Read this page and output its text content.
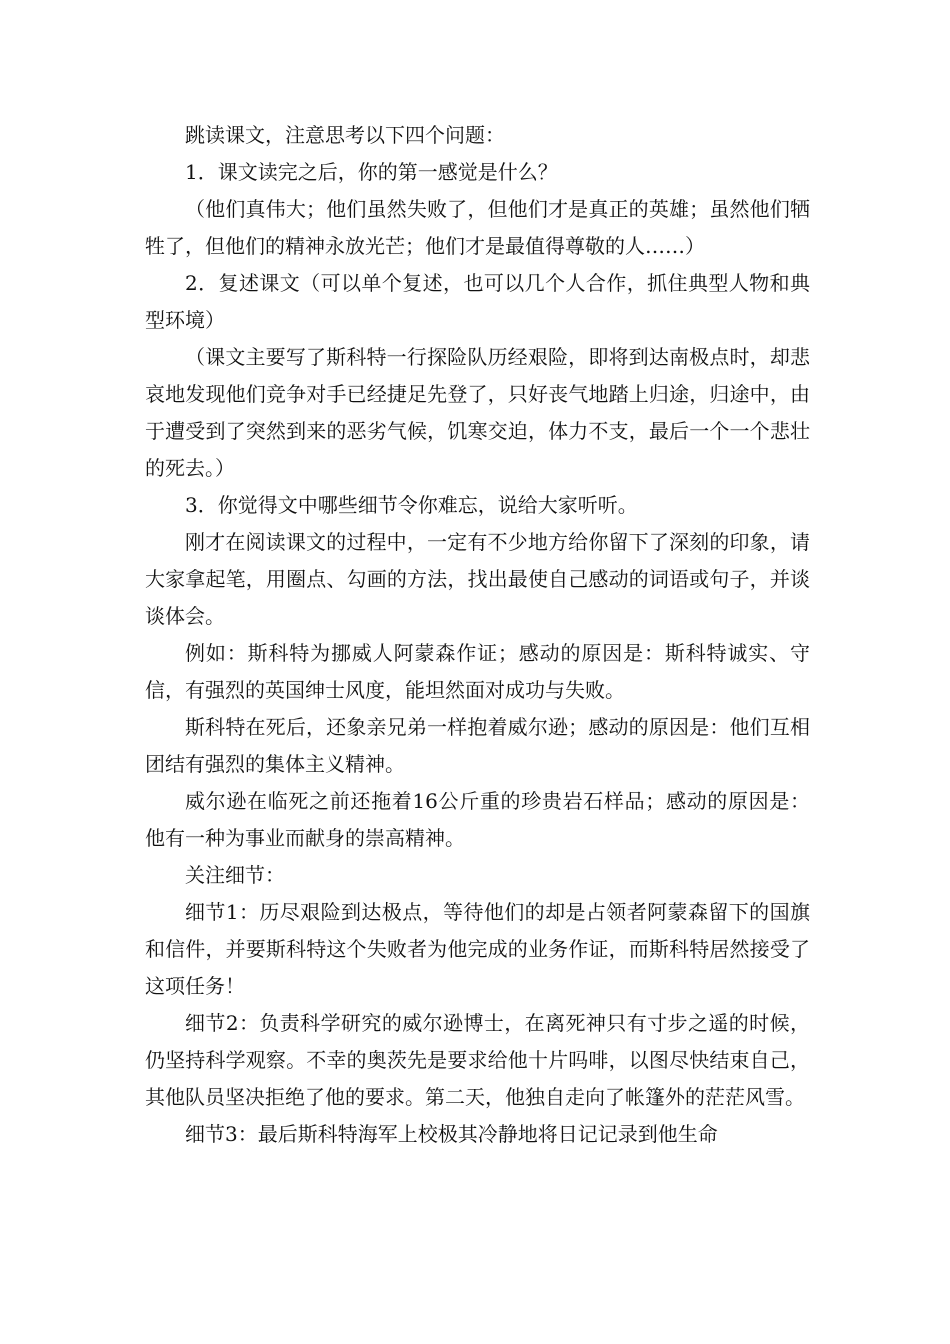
跳读课文，注意思考以下四个问题：

1．课文读完之后，你的第一感觉是什么？

（他们真伟大；他们虽然失败了，但他们才是真正的英雄；虽然他们牺牲了，但他们的精神永放光芒；他们才是最值得尊敬的人……）

2．复述课文（可以单个复述，也可以几个人合作，抓住典型人物和典型环境）

（课文主要写了斯科特一行探险队历经艰险，即将到达南极点时，却悲哀地发现他们竞争对手已经捷足先登了，只好丧气地踏上归途，归途中，由于遭受到了突然到来的恶劣气候，饥寒交迫，体力不支，最后一个一个悲壮的死去。）

3．你觉得文中哪些细节令你难忘，说给大家听听。

刚才在阅读课文的过程中，一定有不少地方给你留下了深刻的印象，请大家拿起笔，用圈点、勾画的方法，找出最使自己感动的词语或句子，并谈谈体会。

例如：斯科特为挪威人阿蒙森作证；感动的原因是：斯科特诚实、守信，有强烈的英国绅士风度，能坦然面对成功与失败。

斯科特在死后，还象亲兄弟一样抱着威尔逊；感动的原因是：他们互相团结有强烈的集体主义精神。

威尔逊在临死之前还拖着16公斤重的珍贵岩石样品；感动的原因是：他有一种为事业而献身的崇高精神。

关注细节：

细节1：历尽艰险到达极点，等待他们的却是占领者阿蒙森留下的国旗和信件，并要斯科特这个失败者为他完成的业务作证，而斯科特居然接受了这项任务！

细节2：负责科学研究的威尔逊博士，在离死神只有寸步之遥的时候，仍坚持科学观察。不幸的奥茨先是要求给他十片吗啡，以图尽快结束自己，其他队员坚决拒绝了他的要求。第二天，他独自走向了帐篷外的茫茫风雪。

细节3：最后斯科特海军上校极其冷静地将日记记录到他生命
